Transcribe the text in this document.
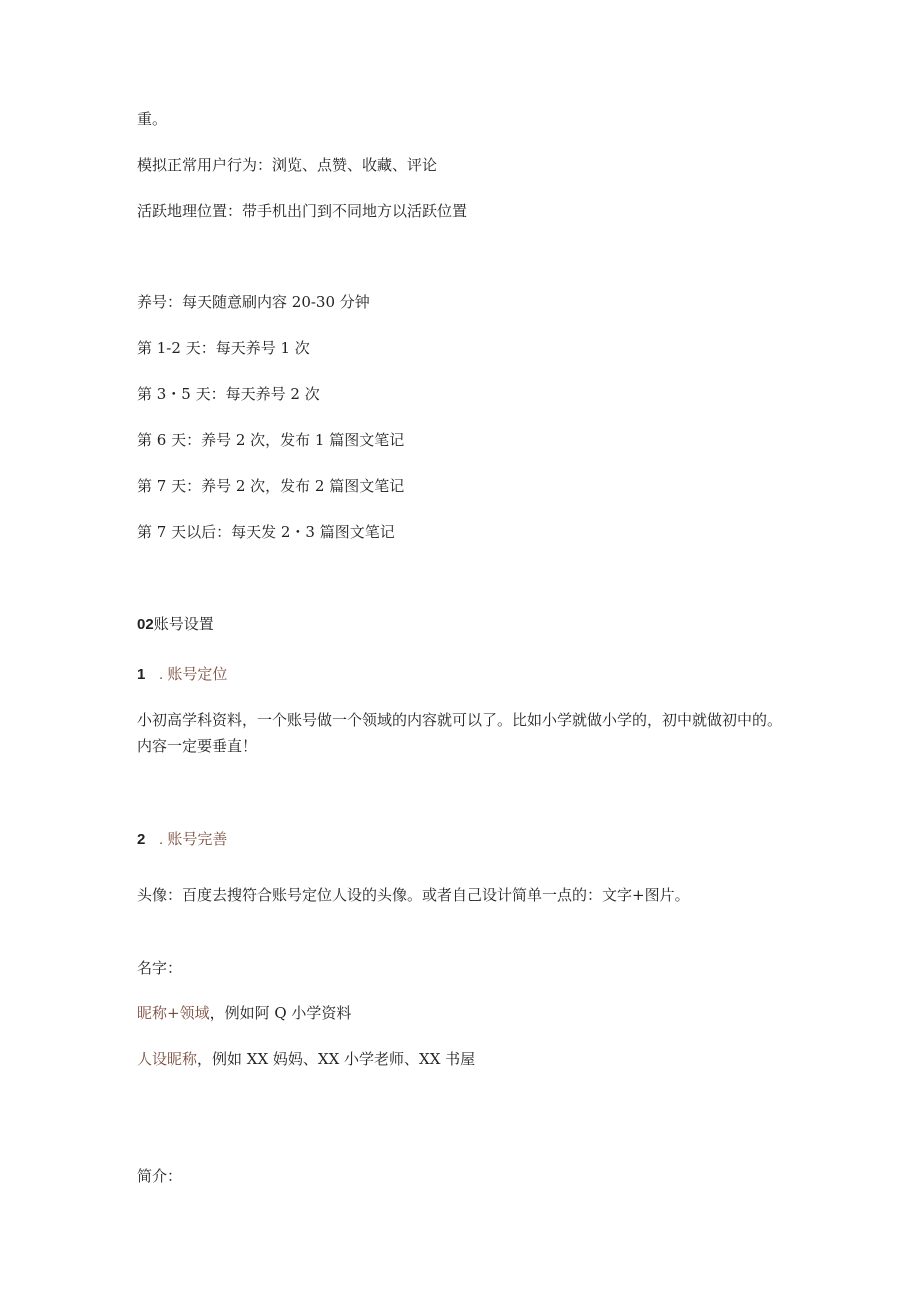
重。

模拟正常用户行为：浏览、点赞、收藏、评论

活跃地理位置：带手机出门到不同地方以活跃位置

养号：每天随意刷内容 20-30 分钟

第 1-2 天：每天养号 1 次

第 3・5 天：每天养号 2 次

第 6 天：养号 2 次，发布 1 篇图文笔记

第 7 天：养号 2 次，发布 2 篇图文笔记

第 7 天以后：每天发 2・3 篇图文笔记

02账号设置

1 . 账号定位

小初高学科资料，一个账号做一个领域的内容就可以了。比如小学就做小学的，初中就做初中的。内容一定要垂直！

2 . 账号完善

头像：百度去搜符合账号定位人设的头像。或者自己设计简单一点的：文字+图片。

名字：

昵称+领域，例如阿 Q 小学资料

人设昵称，例如 XX 妈妈、XX 小学老师、XX 书屋

简介：
